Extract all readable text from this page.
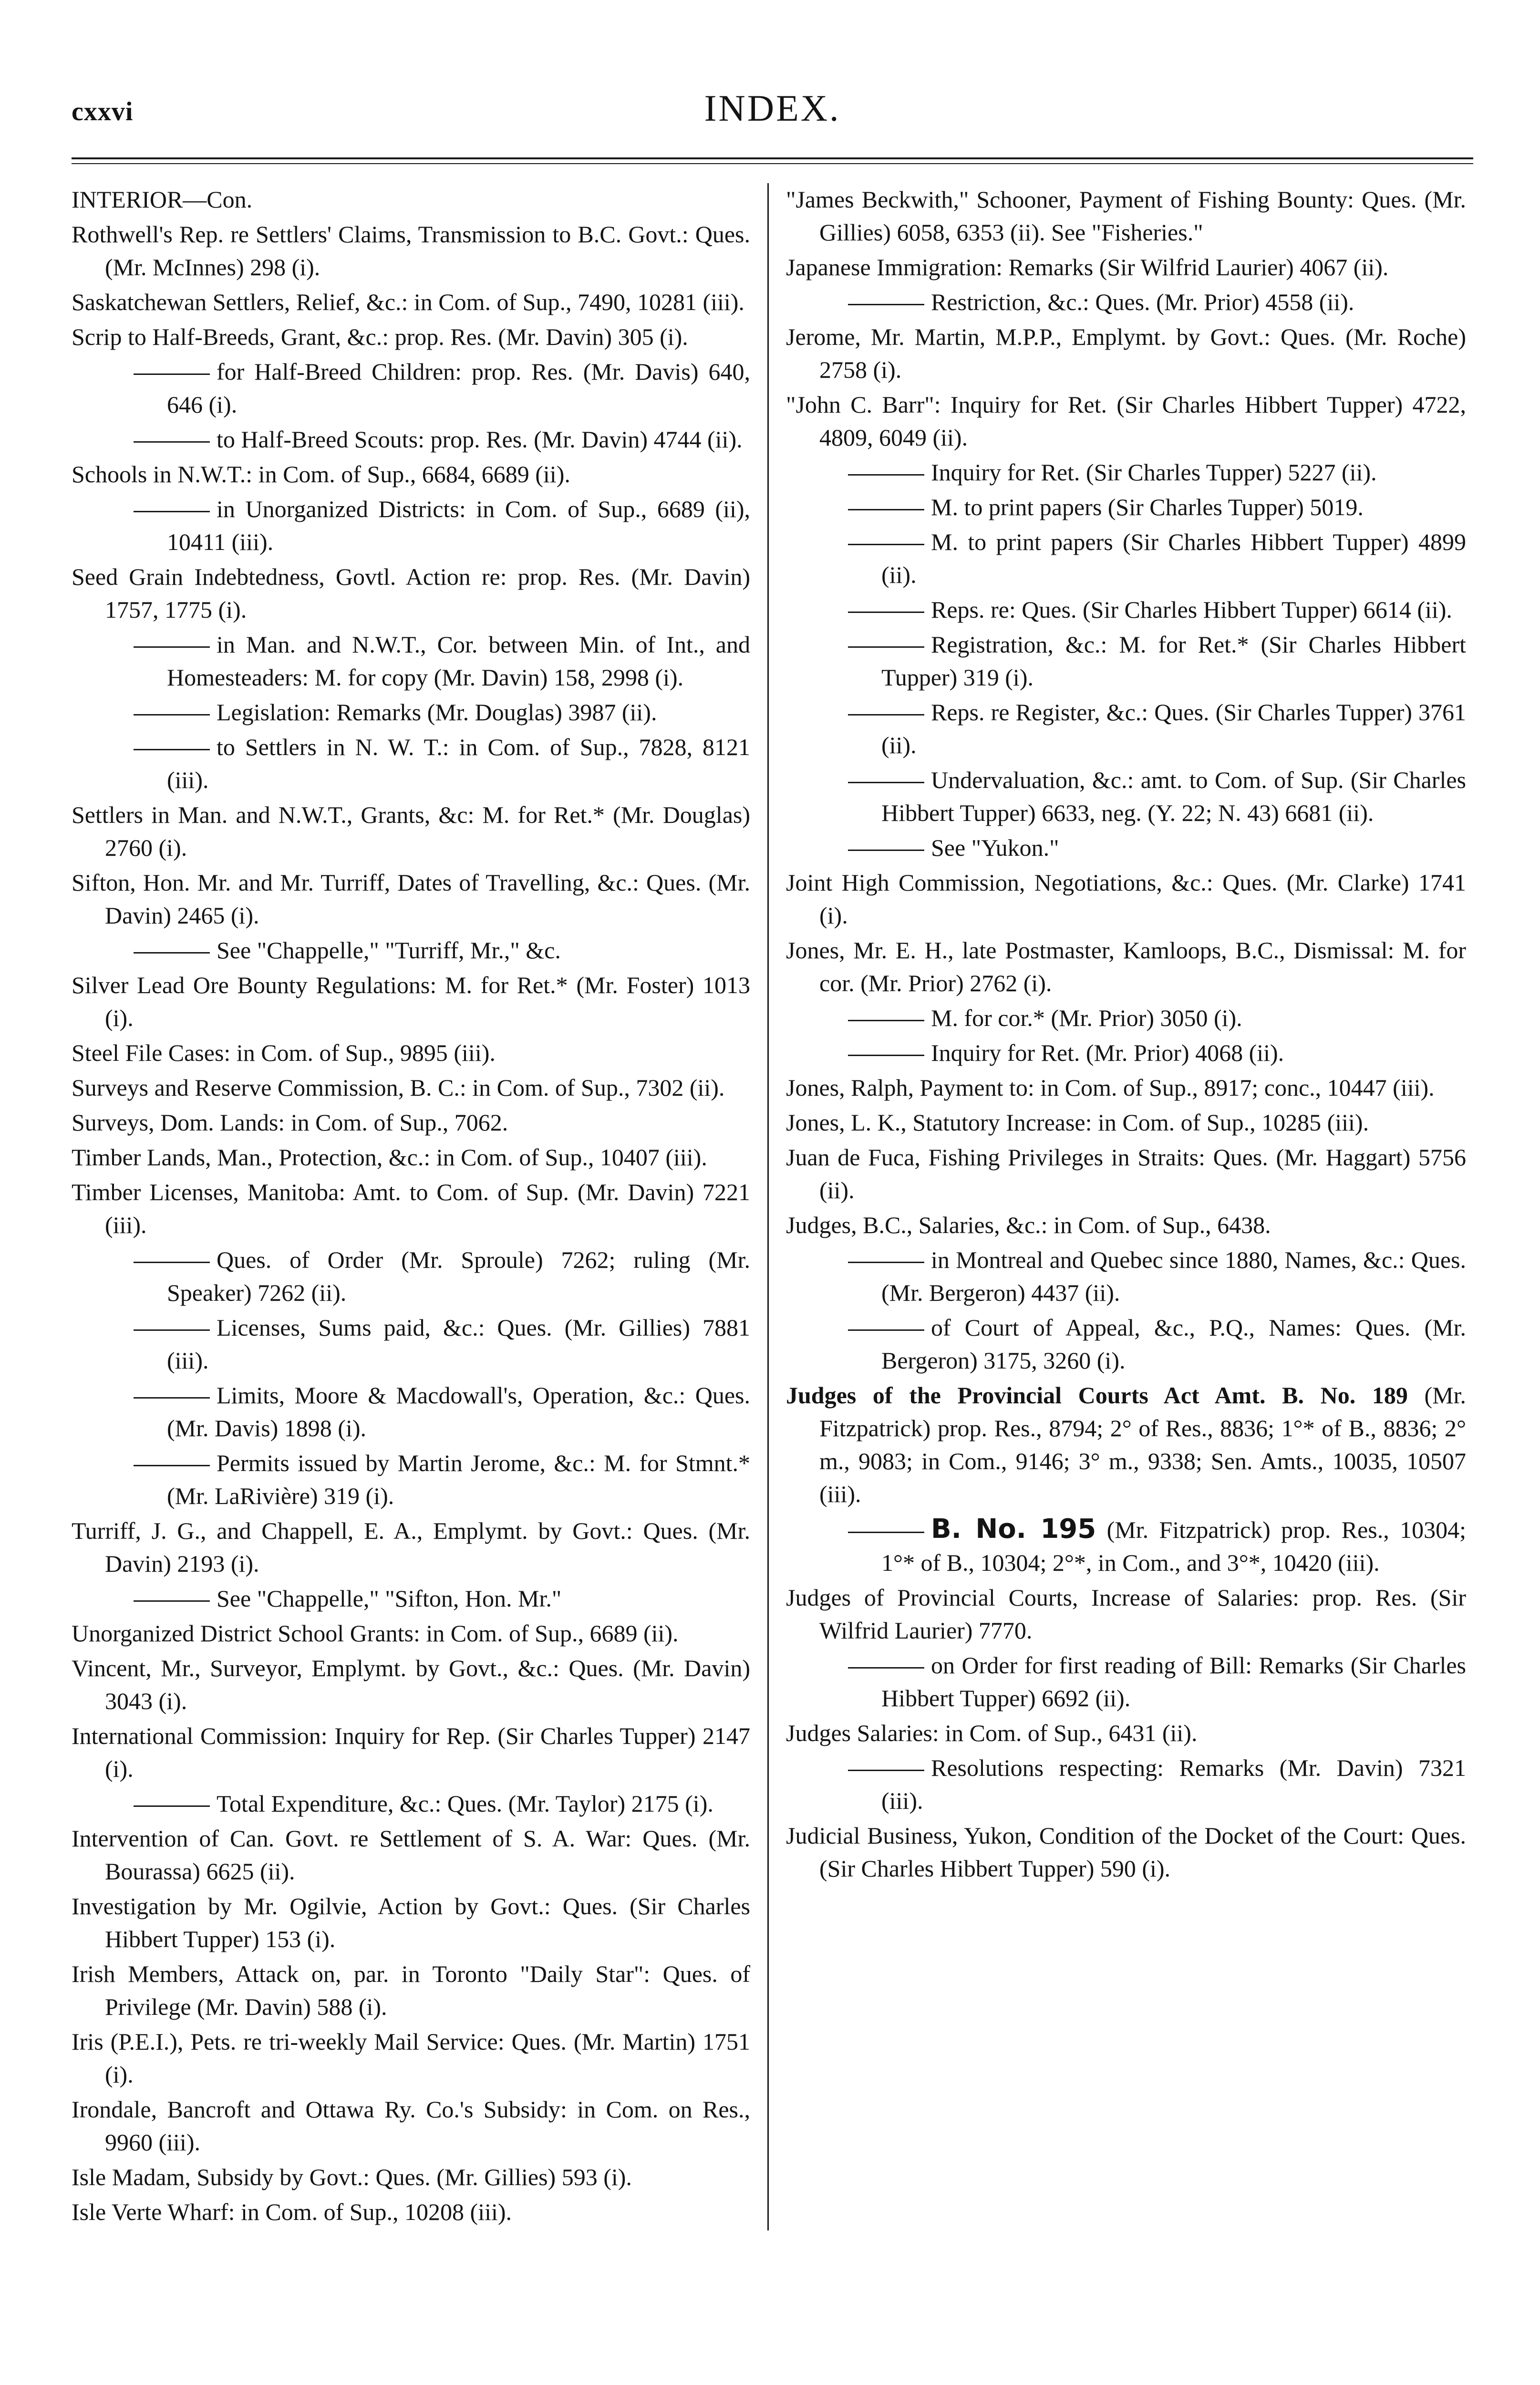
cxxvi	INDEX.

INTERIOR—Con.

Rothwell's Rep. re Settlers' Claims, Transmission to B.C. Govt.: Ques. (Mr. McInnes) 298 (i).

Saskatchewan Settlers, Relief, &c.: in Com. of Sup., 7490, 10281 (iii).

Scrip to Half-Breeds, Grant, &c.: prop. Res. (Mr. Davin) 305 (i).

for Half-Breed Children: prop. Res. (Mr. Davis) 640, 646 (i).

to Half-Breed Scouts: prop. Res. (Mr. Davin) 4744 (ii).

Schools in N.W.T.: in Com. of Sup., 6684, 6689 (ii).

in Unorganized Districts: in Com. of Sup., 6689 (ii), 10411 (iii).

Seed Grain Indebtedness, Govtl. Action re: prop. Res. (Mr. Davin) 1757, 1775 (i).

in Man. and N.W.T., Cor. between Min. of Int., and Homesteaders: M. for copy (Mr. Davin) 158, 2998 (i).

Legislation: Remarks (Mr. Douglas) 3987 (ii).

to Settlers in N. W. T.: in Com. of Sup., 7828, 8121 (iii).

Settlers in Man. and N.W.T., Grants, &c: M. for Ret.* (Mr. Douglas) 2760 (i).

Sifton, Hon. Mr. and Mr. Turriff, Dates of Travelling, &c.: Ques. (Mr. Davin) 2465 (i).

See "Chappelle," "Turriff, Mr.," &c.

Silver Lead Ore Bounty Regulations: M. for Ret.* (Mr. Foster) 1013 (i).

Steel File Cases: in Com. of Sup., 9895 (iii).

Surveys and Reserve Commission, B. C.: in Com. of Sup., 7302 (ii).

Surveys, Dom. Lands: in Com. of Sup., 7062.

Timber Lands, Man., Protection, &c.: in Com. of Sup., 10407 (iii).

Timber Licenses, Manitoba: Amt. to Com. of Sup. (Mr. Davin) 7221 (iii).

Ques. of Order (Mr. Sproule) 7262; ruling (Mr. Speaker) 7262 (ii).

Licenses, Sums paid, &c.: Ques. (Mr. Gillies) 7881 (iii).

Limits, Moore & Macdowall's, Operation, &c.: Ques. (Mr. Davis) 1898 (i).

Permits issued by Martin Jerome, &c.: M. for Stmnt.* (Mr. LaRivière) 319 (i).

Turriff, J. G., and Chappell, E. A., Emplymt. by Govt.: Ques. (Mr. Davin) 2193 (i).

See "Chappelle," "Sifton, Hon. Mr."

Unorganized District School Grants: in Com. of Sup., 6689 (ii).

Vincent, Mr., Surveyor, Emplymt. by Govt., &c.: Ques. (Mr. Davin) 3043 (i).

International Commission: Inquiry for Rep. (Sir Charles Tupper) 2147 (i).

Total Expenditure, &c.: Ques. (Mr. Taylor) 2175 (i).

Intervention of Can. Govt. re Settlement of S. A. War: Ques. (Mr. Bourassa) 6625 (ii).

Investigation by Mr. Ogilvie, Action by Govt.: Ques. (Sir Charles Hibbert Tupper) 153 (i).

Irish Members, Attack on, par. in Toronto "Daily Star": Ques. of Privilege (Mr. Davin) 588 (i).

Iris (P.E.I.), Pets. re tri-weekly Mail Service: Ques. (Mr. Martin) 1751 (i).

Irondale, Bancroft and Ottawa Ry. Co.'s Subsidy: in Com. on Res., 9960 (iii).

Isle Madam, Subsidy by Govt.: Ques. (Mr. Gillies) 593 (i).

Isle Verte Wharf: in Com. of Sup., 10208 (iii).

"James Beckwith," Schooner, Payment of Fishing Bounty: Ques. (Mr. Gillies) 6058, 6353 (ii). See "Fisheries."

Japanese Immigration: Remarks (Sir Wilfrid Laurier) 4067 (ii).

Restriction, &c.: Ques. (Mr. Prior) 4558 (ii).

Jerome, Mr. Martin, M.P.P., Emplymt. by Govt.: Ques. (Mr. Roche) 2758 (i).

"John C. Barr": Inquiry for Ret. (Sir Charles Hibbert Tupper) 4722, 4809, 6049 (ii).

Inquiry for Ret. (Sir Charles Tupper) 5227 (ii).

M. to print papers (Sir Charles Tupper) 5019.

M. to print papers (Sir Charles Hibbert Tupper) 4899 (ii).

Reps. re: Ques. (Sir Charles Hibbert Tupper) 6614 (ii).

Registration, &c.: M. for Ret.* (Sir Charles Hibbert Tupper) 319 (i).

Reps. re Register, &c.: Ques. (Sir Charles Tupper) 3761 (ii).

Undervaluation, &c.: amt. to Com. of Sup. (Sir Charles Hibbert Tupper) 6633, neg. (Y. 22; N. 43) 6681 (ii).

See "Yukon."

Joint High Commission, Negotiations, &c.: Ques. (Mr. Clarke) 1741 (i).

Jones, Mr. E. H., late Postmaster, Kamloops, B.C., Dismissal: M. for cor. (Mr. Prior) 2762 (i).

M. for cor.* (Mr. Prior) 3050 (i).

Inquiry for Ret. (Mr. Prior) 4068 (ii).

Jones, Ralph, Payment to: in Com. of Sup., 8917; conc., 10447 (iii).

Jones, L. K., Statutory Increase: in Com. of Sup., 10285 (iii).

Juan de Fuca, Fishing Privileges in Straits: Ques. (Mr. Haggart) 5756 (ii).

Judges, B.C., Salaries, &c.: in Com. of Sup., 6438.

in Montreal and Quebec since 1880, Names, &c.: Ques. (Mr. Bergeron) 4437 (ii).

of Court of Appeal, &c., P.Q., Names: Ques. (Mr. Bergeron) 3175, 3260 (i).

Judges of the Provincial Courts Act Amt. B. No. 189 (Mr. Fitzpatrick) prop. Res., 8794; 2° of Res., 8836; 1°* of B., 8836; 2° m., 9083; in Com., 9146; 3° m., 9338; Sen. Amts., 10035, 10507 (iii).

B. No. 195 (Mr. Fitzpatrick) prop. Res., 10304; 1°* of B., 10304; 2°*, in Com., and 3°*, 10420 (iii).

Judges of Provincial Courts, Increase of Salaries: prop. Res. (Sir Wilfrid Laurier) 7770.

on Order for first reading of Bill: Remarks (Sir Charles Hibbert Tupper) 6692 (ii).

Judges Salaries: in Com. of Sup., 6431 (ii).

Resolutions respecting: Remarks (Mr. Davin) 7321 (iii).

Judicial Business, Yukon, Condition of the Docket of the Court: Ques. (Sir Charles Hibbert Tupper) 590 (i).
